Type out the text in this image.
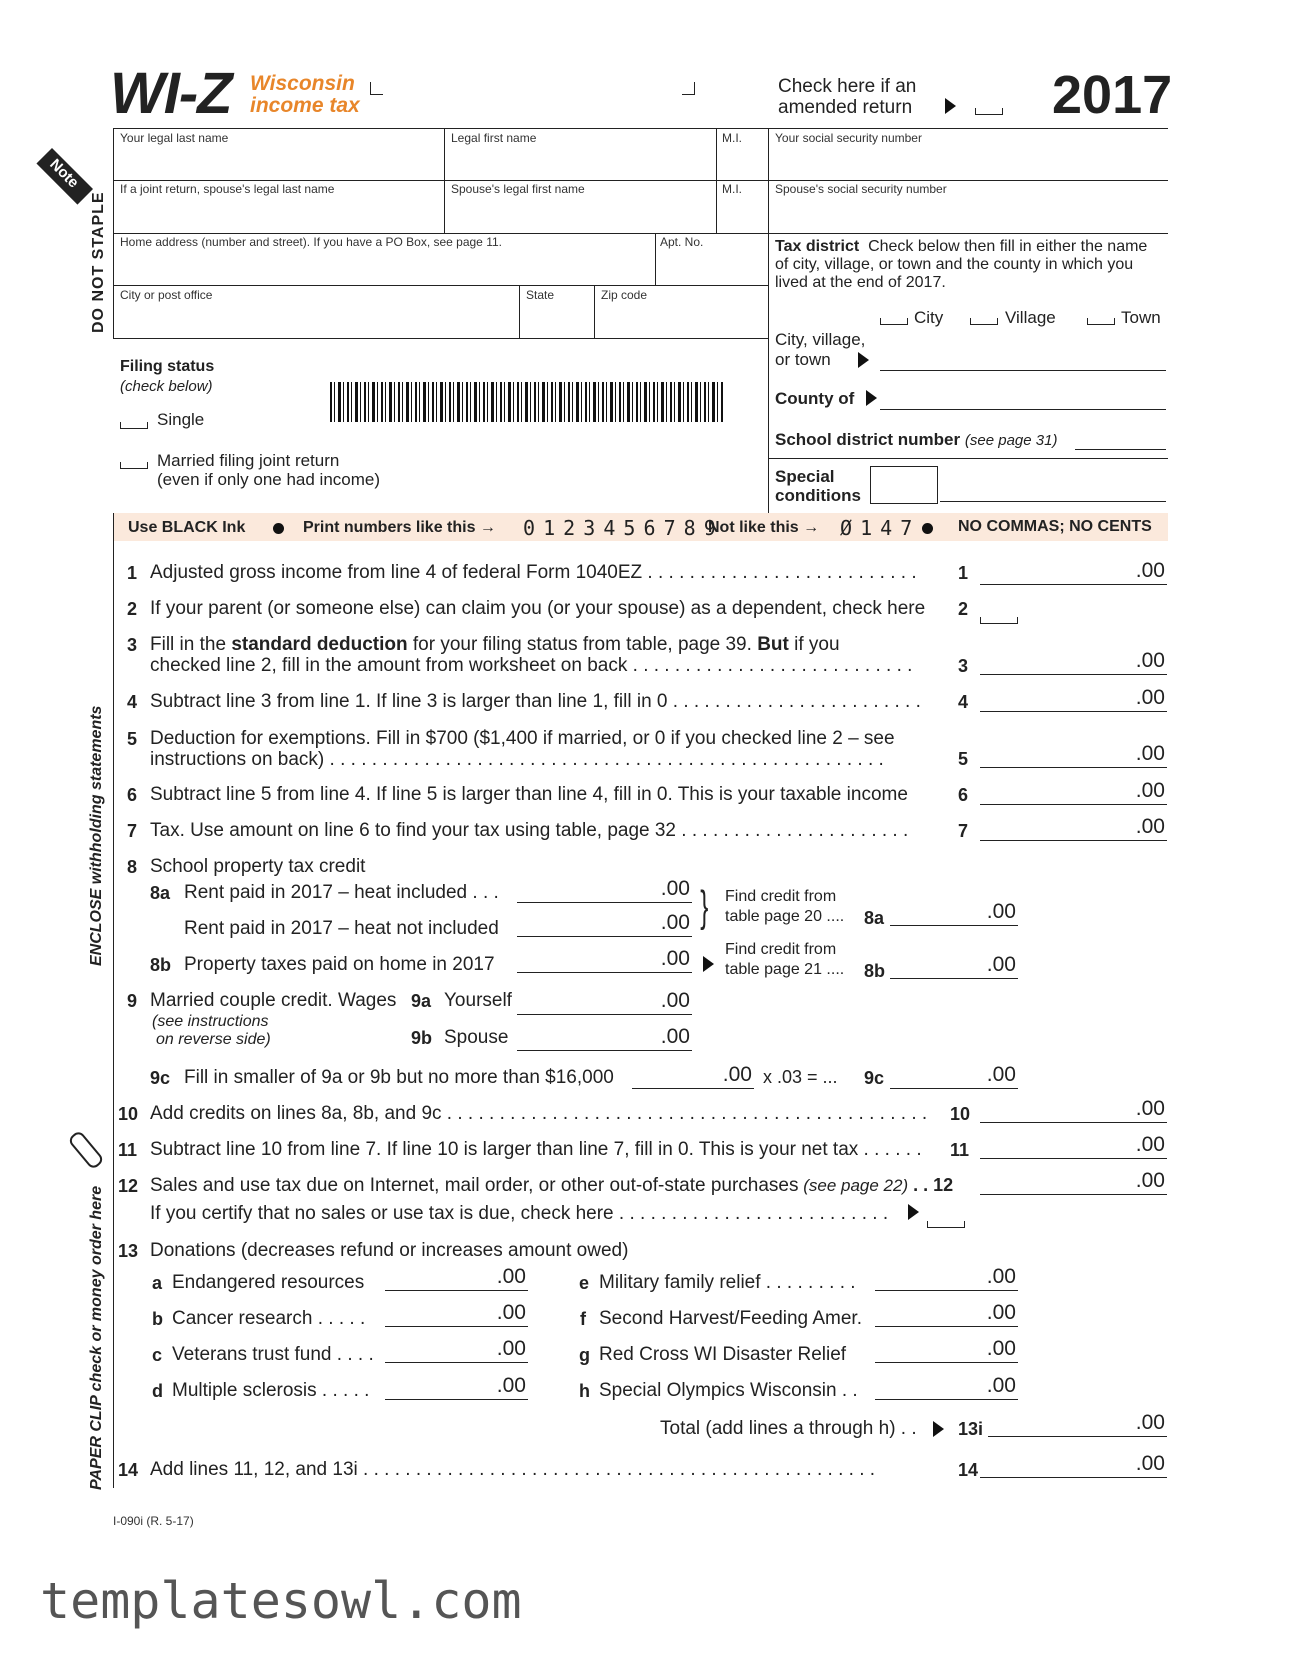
WI-Z Wisconsin
income tax
Check here if an
amended return	2017
Note
DO NOT STAPLE
ENCLOSE withholding statements
PAPER CLIP check or money order here
Your legal last name	Legal first name	M.I.	Your social security number
If a joint return, spouse's legal last name	Spouse's legal first name	M.I.	Spouse's social security number
Home address (number and street). If you have a PO Box, see page 11.	Apt. No.
City or post office	State	Zip code
Tax district Check below then fill in either the name
of city, village, or town and the county in which you
lived at the end of 2017.
City	Village	Town
City, village,
or town
County of
School district number (see page 31)
Special
conditions
Filing status
(check below)
Single
Married filing joint return
(even if only one had income)
Use BLACK Ink	Print numbers like this → 0 1 2 3 4 5 6 7 8 9
Not like this → Ø 1 4 7	NO COMMAS; NO CENTS
1 Adjusted gross income from line 4 of federal Form 1040EZ . . . . . . . . . . . . . . . . . . . . . . . . . . 1	.00
2 If your parent (or someone else) can claim you (or your spouse) as a dependent, check here 2
3 Fill in the standard deduction for your filing status from table, page 39. But if you
checked line 2, fill in the amount from worksheet on back . . . . . . . . . . . . . . . . . . . . . . . . . . .	3	.00
4 Subtract line 3 from line 1. If line 3 is larger than line 1, fill in 0 . . . . . . . . . . . . . . . . . . . . . . . . 4	.00
5 Deduction for exemptions. Fill in $700 ($1,400 if married, or 0 if you checked line 2 – see
instructions on back) . . . . . . . . . . . . . . . . . . . . . . . . . . . . . . . . . . . . . . . . . . . . . . . . . . . . .	5	.00
6 Subtract line 5 from line 4. If line 5 is larger than line 4, fill in 0. This is your taxable income	6	.00
7 Tax. Use amount on line 6 to find your tax using table, page 32 . . . . . . . . . . . . . . . . . . . . . .	7	.00
8 School property tax credit
8a Rent paid in 2017 – heat included . . .	.00
Rent paid in 2017 – heat not included	.00 } Find credit from
table page 20 .... 8a	.00
8b Property taxes paid on home in 2017	.00 Find credit from
table page 21 .... 8b	.00
9 Married couple credit. Wages 9a Yourself	.00
(see instructions
on reverse side)	9b Spouse	.00
9c Fill in smaller of 9a or 9b but no more than $16,000	.00 x .03 = ... 9c	.00
10 Add credits on lines 8a, 8b, and 9c . . . . . . . . . . . . . . . . . . . . . . . . . . . . . . . . . . . . . . . . . . . . . . 10	.00
11 Subtract line 10 from line 7. If line 10 is larger than line 7, fill in 0. This is your net tax . . . . . . 11	.00
12 Sales and use tax due on Internet, mail order, or other out-of-state purchases (see page 22) . . 12	.00
If you certify that no sales or use tax is due, check here . . . . . . . . . . . . . . . . . . . . . . . . . .
13 Donations (decreases refund or increases amount owed)
a Endangered resources	.00
b Cancer research . . . . .	.00
c Veterans trust fund . . . .	.00
d Multiple sclerosis . . . . .	.00
e Military family relief . . . . . . . . .	.00
f Second Harvest/Feeding Amer.	.00
g Red Cross WI Disaster Relief	.00
h Special Olympics Wisconsin . .	.00
Total (add lines a through h) . . 13i	.00
14 Add lines 11, 12, and 13i . . . . . . . . . . . . . . . . . . . . . . . . . . . . . . . . . . . . . . . . . . . . . . . . .	14	.00
I-090i (R. 5-17)
templatesowl.com
